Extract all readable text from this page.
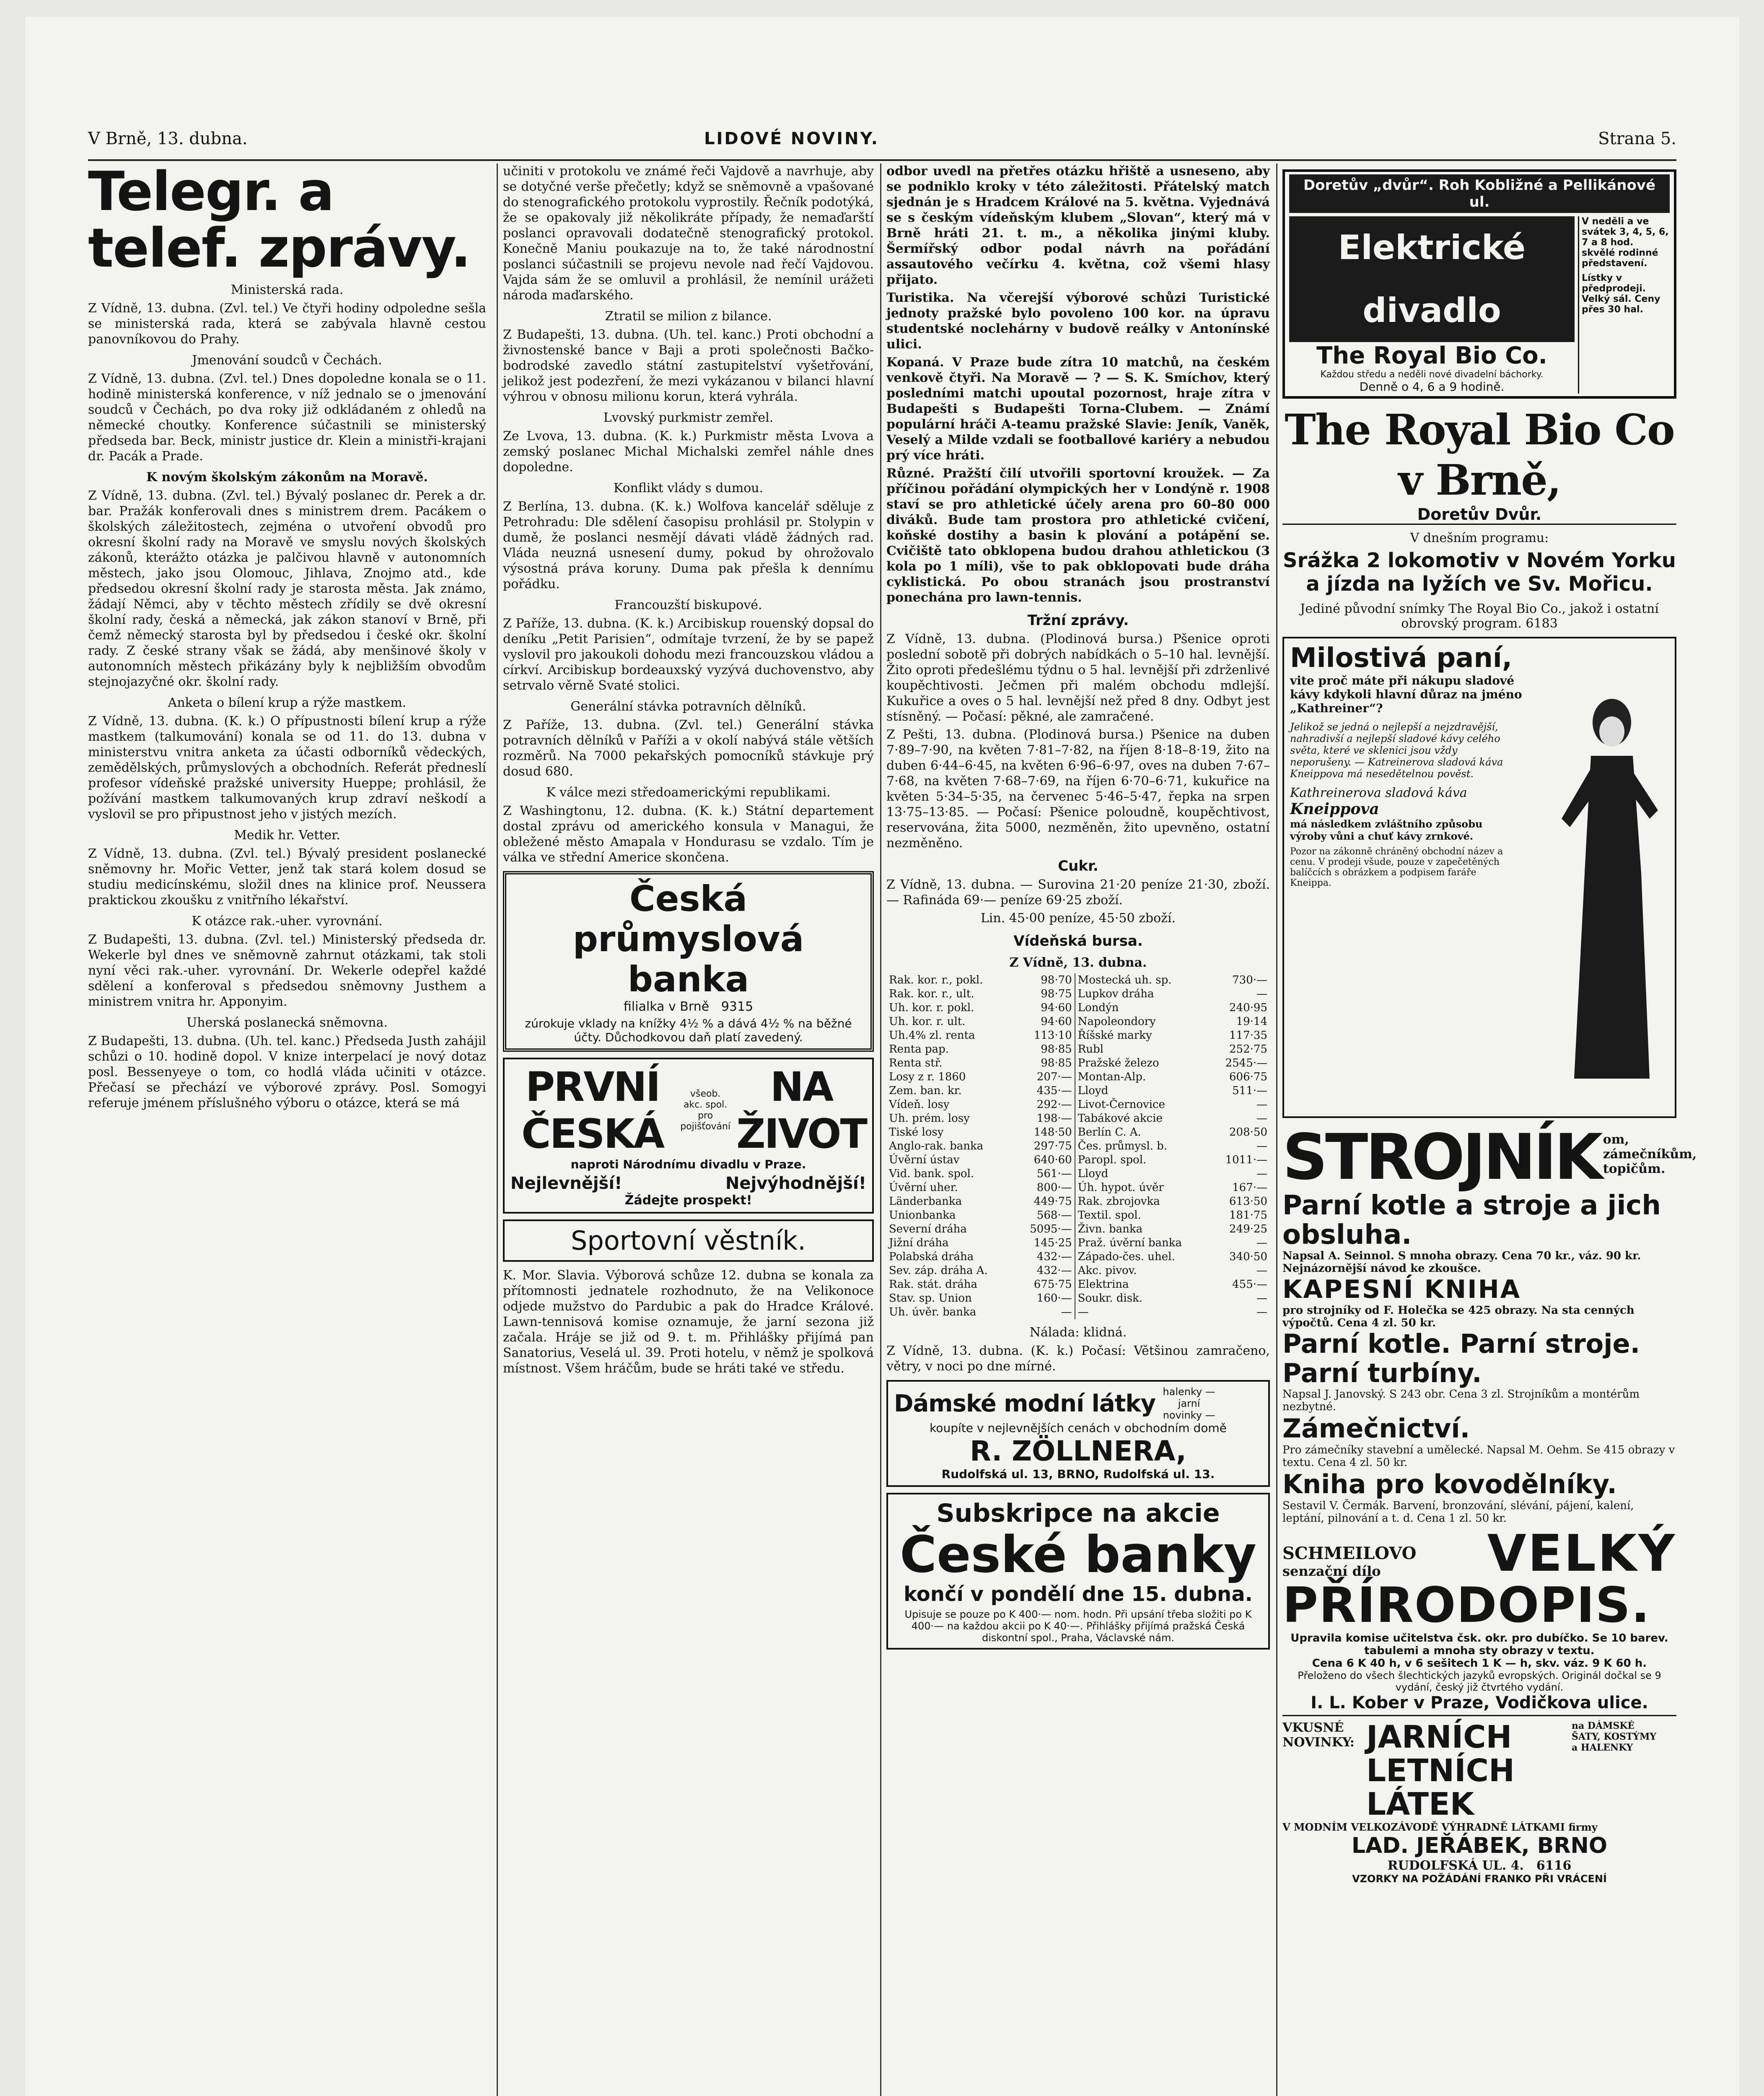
V Brně, 13. dubna.	LIDOVÉ NOVINY.	Strana 5.
Telegr. a telef. zprávy.
Ministerská rada.

Z Vídně, 13. dubna. (Zvl. tel.) Ve čtyři hodiny odpoledne sešla se ministerská rada, která se zabývala hlavně cestou panovníkovou do Prahy.

Jmenování soudců v Čechách.

Z Vídně, 13. dubna. (Zvl. tel.) Dnes dopoledne konala se o 11. hodině ministerská konference, v níž jednalo se o jmenování soudců v Čechách, po dva roky již odkládaném z ohledů na německé choutky. Konference súčastnili se ministerský předseda bar. Beck, ministr justice dr. Klein a ministři-krajani dr. Pacák a Prade.

K novým školským zákonům na Moravě.

Z Vídně, 13. dubna. (Zvl. tel.) Bývalý poslanec dr. Perek a dr. bar. Pražák konferovali dnes s ministrem drem. Pacákem o školských záležitostech, zejména o utvoření obvodů pro okresní školní rady na Moravě ve smyslu nových školských zákonů, kterážto otázka je palčivou hlavně v autonomních městech, jako jsou Olomouc, Jihlava, Znojmo atd., kde předsedou okresní školní rady je starosta města. Jak známo, žádají Němci, aby v těchto městech zřídily se dvě okresní školní rady, česká a německá, jak zákon stanoví v Brně, při čemž německý starosta byl by předsedou i české okr. školní rady. Z české strany však se žádá, aby menšinové školy v autonomních městech přikázány byly k nejbližším obvodům stejnojazyčné okr. školní rady.

Anketa o bílení krup a rýže mastkem.

Z Vídně, 13. dubna. (K. k.) O přípustnosti bílení krup a rýže mastkem (talkumování) konala se od 11. do 13. dubna v ministerstvu vnitra anketa za účasti odborníků vědeckých, zemědělských, průmyslových a obchodních. Referát předneslí profesor vídeňské pražské university Hueppe; prohlásil, že požívání mastkem talkumovaných krup zdraví neškodí a vyslovil se pro připustnost jeho v jistých mezích.

Medik hr. Vetter.

Z Vídně, 13. dubna. (Zvl. tel.) Bývalý president poslanecké sněmovny hr. Mořic Vetter, jenž tak stará kolem dosud se studiu medicínskému, složil dnes na klinice prof. Neussera praktickou zkoušku z vnitřního lékařství.

K otázce rak.-uher. vyrovnání.

Z Budapešti, 13. dubna. (Zvl. tel.) Ministerský předseda dr. Wekerle byl dnes ve sněmovně zahrnut otázkami, tak stoli nyní věci rak.-uher. vyrovnání. Dr. Wekerle odepřel každé sdělení a konferoval s předsedou sněmovny Justhem a ministrem vnitra hr. Apponyim.

Uherská poslanecká sněmovna.

Z Budapešti, 13. dubna. (Uh. tel. kanc.) Předseda Justh zahájil schůzi o 10. hodině dopol. V knize interpelací je nový dotaz posl. Bessenyeye o tom, co hodlá vláda učiniti v otázce. Přečasí se přechází ve výborové zprávy. Posl. Somogyi referuje jménem příslušného výboru o otázce, která se má

učiniti v protokolu ve známé řeči Vajdově a navrhuje, aby se dotyčné verše přečetly; když se sněmovně a vpašované do stenografického protokolu vyprostily. Řečník podotýká, že se opakovaly již několikráte případy, že nemaďarští poslanci opravovali dodatečně stenografický protokol. Konečně Maniu poukazuje na to, že také národnostní poslanci súčastnili se projevu nevole nad řečí Vajdovou. Vajda sám že se omluvil a prohlásil, že nemínil urážeti národa maďarského.

Ztratil se milion z bilance.

Z Budapešti, 13. dubna. (Uh. tel. kanc.) Proti obchodní a živnostenské bance v Baji a proti společnosti Bačko-bodrodské zavedlo státní zastupitelství vyšetřování, jelikož jest podezření, že mezi vykázanou v bilanci hlavní výhrou v obnosu milionu korun, která vyhrála.

Lvovský purkmistr zemřel.

Ze Lvova, 13. dubna. (K. k.) Purkmistr města Lvova a zemský poslanec Michal Michalski zemřel náhle dnes dopoledne.

Konflikt vlády s dumou.

Z Berlína, 13. dubna. (K. k.) Wolfova kancelář sděluje z Petrohradu: Dle sdělení časopisu prohlásil pr. Stolypin v dumě, že poslanci nesmějí dávati vládě žádných rad. Vláda neuzná usnesení dumy, pokud by ohrožovalo výsostná práva koruny. Duma pak přešla k dennímu pořádku.

Francouzští biskupové.

Z Paříže, 13. dubna. (K. k.) Arcibiskup rouenský dopsal do deníku „Petit Parisien“, odmítaje tvrzení, že by se papež vyslovil pro jakoukoli dohodu mezi francouzskou vládou a církví. Arcibiskup bordeauxský vyzývá duchovenstvo, aby setrvalo věrně Svaté stolici.

Generální stávka potravních dělníků.

Z Paříže, 13. dubna. (Zvl. tel.) Generální stávka potravních dělníků v Paříži a v okolí nabývá stále větších rozměrů. Na 7000 pekařských pomocníků stávkuje prý dosud 680.

K válce mezi středoamerickými republikami.

Z Washingtonu, 12. dubna. (K. k.) Státní departement dostal zprávu od amerického konsula v Managui, že obležené město Amapala v Hondurasu se vzdalo. Tím je válka ve střední Americe skončena.

Česká průmyslová banka
filialka v Brně 9315
zúrokuje vklady na knížky 4½ % a dává 4½ % na běžné účty. Důchodkovou daň platí zavedený.
PRVNÍ ČESKÁ
všeob. akc. spol. pro pojišťování
NA ŽIVOT
naproti Národnímu divadlu v Praze.
Nejlevnější!	Nejvýhodnější!
Žádejte prospekt!
Sportovní věstník.

K. Mor. Slavia. Výborová schůze 12. dubna se konala za přítomnosti jednatele rozhodnuto, že na Velikonoce odjede mužstvo do Pardubic a pak do Hradce Králové. Lawn-tennisová komise oznamuje, že jarní sezona již začala. Hráje se již od 9. t. m. Přihlášky přijímá pan Sanatorius, Veselá ul. 39. Proti hotelu, v němž je spolková místnost. Všem hráčům, bude se hráti také ve středu.

odbor uvedl na přetřes otázku hřiště a usneseno, aby se podniklo kroky v této záležitosti. Přátelský match sjednán je s Hradcem Králové na 5. května. Vyjednává se s českým vídeňským klubem „Slovan“, který má v Brně hráti 21. t. m., a několika jinými kluby. Šermířský odbor podal návrh na pořádání assautového večírku 4. května, což všemi hlasy přijato.

Turistika. Na včerejší výborové schůzi Turistické jednoty pražské bylo povoleno 100 kor. na úpravu studentské noclehárny v budově reálky v Antonínské ulici.

Kopaná. V Praze bude zítra 10 matchů, na českém venkově čtyři. Na Moravě — ? — S. K. Smíchov, který posledními matchi upoutal pozornost, hraje zítra v Budapešti s Budapešti Torna-Clubem. — Známí populární hráči A-teamu pražské Slavie: Jeník, Vaněk, Veselý a Milde vzdali se footballové kariéry a nebudou prý více hráti.

Různé. Pražští čilí utvořili sportovní kroužek. — Za příčinou pořádání olympických her v Londýně r. 1908 staví se pro athletické účely arena pro 60–80 000 diváků. Bude tam prostora pro athletické cvičení, koňské dostihy a basin k plování a potápění se. Cvičiště tato obklopena budou drahou athletickou (3 kola po 1 míli), vše to pak obklopovati bude dráha cyklistická. Po obou stranách jsou prostranství ponechána pro lawn-tennis.

Tržní zprávy.

Z Vídně, 13. dubna. (Plodinová bursa.) Pšenice oproti poslední sobotě při dobrých nabídkách o 5–10 hal. levnější. Žito oproti předešlému týdnu o 5 hal. levnější při zdrženlivé koupěchtivosti. Ječmen při malém obchodu mdlejší. Kukuřice a oves o 5 hal. levnější než před 8 dny. Odbyt jest stísněný. — Počasí: pěkné, ale zamračené.

Z Pešti, 13. dubna. (Plodinová bursa.) Pšenice na duben 7·89–7·90, na květen 7·81–7·82, na říjen 8·18–8·19, žito na duben 6·44–6·45, na květen 6·96–6·97, oves na duben 7·67–7·68, na květen 7·68–7·69, na říjen 6·70–6·71, kukuřice na květen 5·34–5·35, na červenec 5·46–5·47, řepka na srpen 13·75–13·85. — Počasí: Pšenice poloudně, koupěchtivost, reservována, žita 5000, nezměněn, žito upevněno, ostatní nezměněno.

Cukr.

Z Vídně, 13. dubna. — Surovina 21·20 peníze 21·30, zboží. — Rafináda 69·— peníze 69·25 zboží.

Lin. 45·00 peníze, 45·50 zboží.

Vídeňská bursa.
Z Vídně, 13. dubna.
Rak. kor. r., pokl.	98·70	Mostecká uh. sp.	730·—
Rak. kor. r., ult.	98·75	Lupkov dráha	—
Uh. kor. r. pokl.	94·60	Londýn	240·95
Uh. kor. r. ult.	94·60	Napoleondory	19·14
Uh.4% zl. renta	113·10	Říšské marky	117·35
Renta pap.	98·85	Rubl	252·75
Renta stř.	98·85	Pražské železo	2545·—
Losy z r. 1860	207·—	Montan-Alp.	606·75
Zem. ban. kr.	435·—	Lloyd	511·—
Vídeň. losy	292·—	Livot-Černovice	—
Uh. prém. losy	198·—	Tabákové akcie	—
Tiské losy	148·50	Berlín C. A.	208·50
Anglo-rak. banka	297·75	Čes. průmysl. b.	—
Úvěrní ústav	640·60	Paropl. spol.	1011·—
Vid. bank. spol.	561·—	Lloyd	—
Úvěrní uher.	800·—	Úh. hypot. úvěr	167·—
Länderbanka	449·75	Rak. zbrojovka	613·50
Unionbanka	568·—	Textil. spol.	181·75
Severní dráha	5095·—	Živn. banka	249·25
Jižní dráha	145·25	Praž. úvěrní banka	—
Polabská dráha	432·—	Západo-čes. uhel.	340·50
Sev. záp. dráha A.	432·—	Akc. pivov.	—
Rak. stát. dráha	675·75	Elektrina	455·—
Stav. sp. Union	160·—	Soukr. disk.	—
Uh. úvěr. banka	—	—	—
Nálada: klidná.

Z Vídně, 13. dubna. (K. k.) Počasí: Většinou zamračeno, větry, v noci po dne mírné.

Dámské modní látky halenky — jarní novinky —
koupíte v nejlevnějších cenách v obchodním domě
R. ZÖLLNERA,
Rudolfská ul. 13, BRNO, Rudolfská ul. 13.
Subskripce na akcie
České banky
končí v pondělí dne 15. dubna.
Upisuje se pouze po K 400·— nom. hodn. Při upsání třeba složiti po K 400·— na každou akcii po K 40·—. Přihlášky přijímá pražská Česká diskontní spol., Praha, Václavské nám.
Doretův „dvůr“. Roh Kobližné a Pellikánové ul.
Elektrické divadlo
The Royal Bio Co.
Každou středu a neděli nové divadelní báchorky.
Denně o 4, 6 a 9 hodině.
V neděli a ve svátek 3, 4, 5, 6, 7 a 8 hod. skvělé rodinné představení.
Lístky v předprodeji. Velký sál. Ceny přes 30 hal.
The Royal Bio Co v Brně,
Doretův Dvůr.
V dnešním programu:
Srážka 2 lokomotiv v Novém Yorku a jízda na lyžích ve Sv. Mořicu.
Jediné původní snímky The Royal Bio Co., jakož i ostatní obrovský program. 6183
Milostivá paní,
vite proč máte při nákupu sladové kávy kdykoli hlavní důraz na jméno „Kathreiner“?
Jelikož se jedná o nejlepší a nejzdravější, nahradivší a nejlepší sladové kávy celého světa, které ve sklenici jsou vždy neporušeny. — Katreinerova sladová káva Kneippova má nesedětelnou pověst.
Kathreinerova sladová káva
Kneippova
má následkem zvláštního způsobu výroby vůni a chuť kávy zrnkové.
Pozor na zákonně chráněný obchodní název a cenu. V prodeji všude, pouze v zapečetěných balíčcích s obrázkem a podpisem faráře Kneippa.
STROJNÍK om, zámečníkům, topičům.
Parní kotle a stroje a jich obsluha.
Napsal A. Seinnol. S mnoha obrazy. Cena 70 kr., váz. 90 kr. Nejnázornější návod ke zkoušce.
KAPESNÍ KNIHA
pro strojníky od F. Holečka se 425 obrazy. Na sta cenných výpočtů. Cena 4 zl. 50 kr.
Parní kotle. Parní stroje. Parní turbíny.
Napsal J. Janovský. S 243 obr. Cena 3 zl. Strojníkům a montérům nezbytné.
Zámečnictví.
Pro zámečníky stavební a umělecké. Napsal M. Oehm. Se 415 obrazy v textu. Cena 4 zl. 50 kr.
Kniha pro kovodělníky.
Sestavil V. Čermák. Barvení, bronzování, slévání, pájení, kalení, leptání, pilnování a t. d. Cena 1 zl. 50 kr.
SCHMEILOVO
senzační dílo	VELKÝ
PŘÍRODOPIS.
Upravila komise učitelstva čsk. okr. pro dubíčko. Se 10 barev. tabulemi a mnoha sty obrazy v textu.
Cena 6 K 40 h, v 6 sešitech 1 K — h, skv. váz. 9 K 60 h.
Přeloženo do všech šlechtických jazyků evropských. Originál dočkal se 9 vydání, český již čtvrtého vydání.
I. L. Kober v Praze, Vodičkova ulice.
VKUSNÉ NOVINKY: JARNÍCH LETNÍCH LÁTEK
na DÁMSKÉ ŠATY, KOSTÝMY a HALENKY
V MODNÍM VELKOZÁVODĚ VÝHRADNĚ LÁTKAMI firmy
LAD. JEŘÁBEK, BRNO
RUDOLFSKÁ UL. 4. 6116
VZORKY NA POŽÁDÁNÍ FRANKO PŘI VRÁCENÍ
